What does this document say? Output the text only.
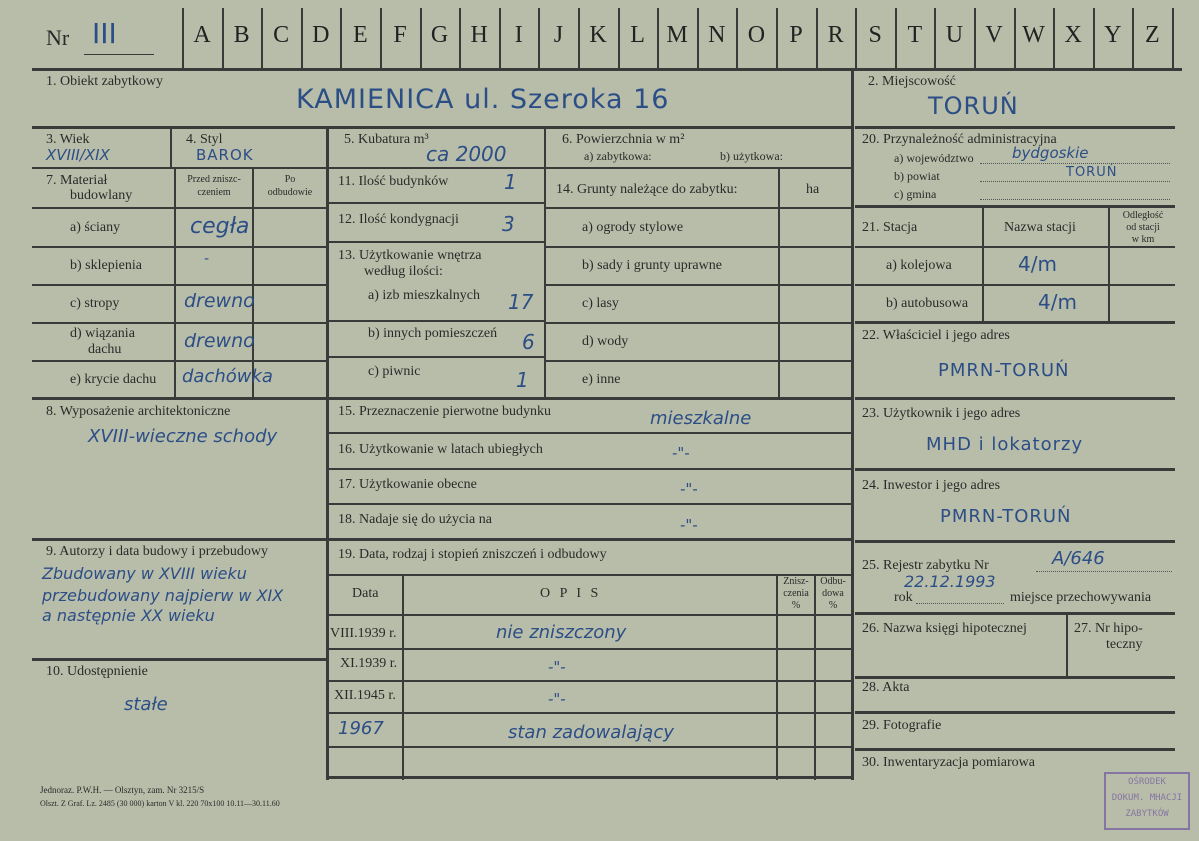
Nr III	A B C D E	F	G H	I	J	K L M N O	P	R	S	T U V W X Y Z
1. Obiekt zabytkowy
KAMIENICA ul. Szeroka 16
2. Miejscowość
TORUŃ
3. Wiek
XVIII/XIX
4. Styl
BAROK
5. Kubatura m³
ca 2000
6. Powierzchnia w m²
a) zabytkowa:	b) użytkowa:
7. Materiał
budowlany
Przed zniszc-
czeniem
Po
odbudowie
a) ściany	cegła
b) sklepienia	-
c) stropy	drewno
d) wiązania
dachu	drewno
e) krycie dachu dachówka
11. Ilość budynków	1
12. Ilość kondygnacji 3
13. Użytkowanie wnętrza
według ilości:
a) izb mieszkalnych 17
b) innych pomieszczeń 6
c) piwnic	1
14. Grunty należące do zabytku:	ha
a) ogrody stylowe
b) sady i grunty uprawne
c) lasy
d) wody
e) inne
8. Wyposażenie architektoniczne
XVIII-wieczne schody
15. Przeznaczenie pierwotne budynku	mieszkalne
16. Użytkowanie w latach ubiegłych	-"-
17. Użytkowanie obecne	-"-
18. Nadaje się do użycia na	-"-
9. Autorzy i data budowy i przebudowy
Zbudowany w XVIII wieku
przebudowany najpierw w XIX
a następnie XX wieku
10. Udostępnienie
stałe
19. Data, rodzaj i stopień zniszczeń i odbudowy
Data	O P I S
Znisz-
czenia
%
Odbu-
dowa
%
VIII.1939 r.	nie zniszczony
XI.1939 r.	-"-
XII.1945 r.	-"-
1967	stan zadowalający
20. Przynależność administracyjna
a) województwo	bydgoskie
b) powiat	TORUŃ
c) gmina
21. Stacja	Nazwa stacji
Odległość
od stacji
w km
a) kolejowa	4/m
b) autobusowa	4/m
22. Właściciel i jego adres
PMRN-TORUŃ
23. Użytkownik i jego adres
MHD i lokatorzy
24. Inwestor i jego adres
PMRN-TORUŃ
25. Rejestr zabytku Nr	A/646
rok
22.12.1993
miejsce przechowywania
26. Nazwa księgi hipotecznej	27. Nr hipo-
teczny
28. Akta
29. Fotografie
30. Inwentaryzacja pomiarowa
Jednoraz. P.W.H. — Olsztyn, zam. Nr 3215/S
Olszt. Z Graf. Lz. 2485 (30 000) karton V kl. 220 70x100 10.11—30.11.60
OŚRODEK
DOKUM. MHACJI
ZABYTKÓW
